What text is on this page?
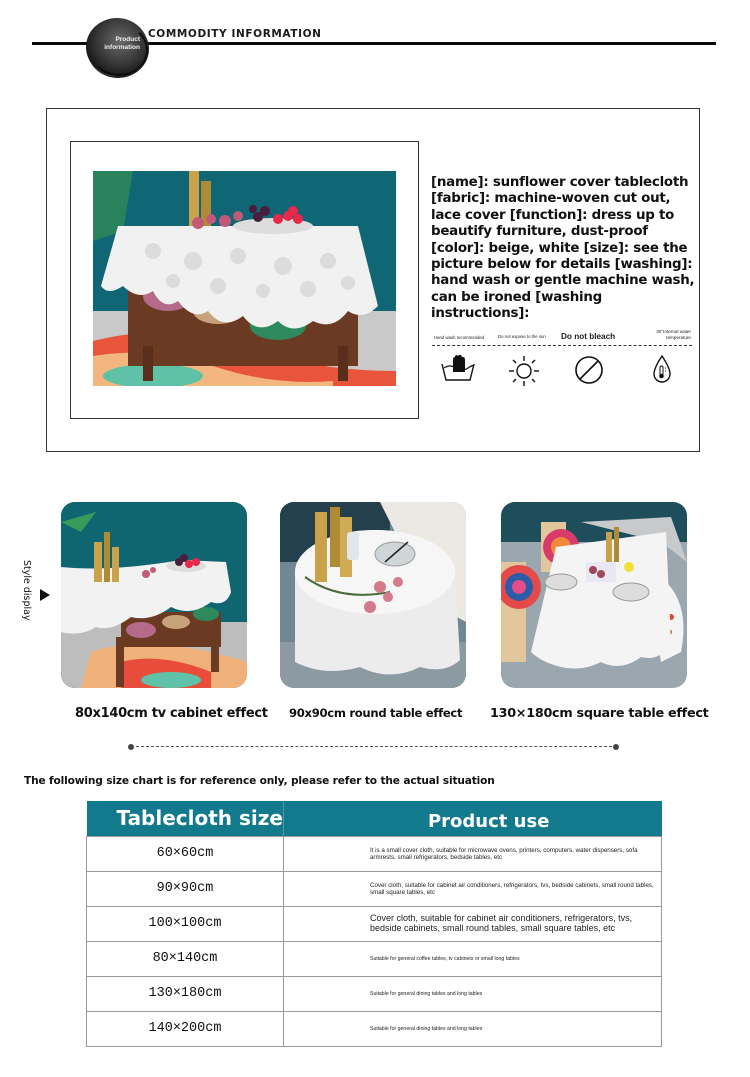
Product
information
COMMODITY INFORMATION
[name]: sunflower cover tablecloth [fabric]: machine-woven cut out, lace cover [function]: dress up to beautify furniture, dust-proof [color]: beige, white [size]: see the picture below for details [washing]: hand wash or gentle machine wash, can be ironed [washing instructions]:
Hand wash recommended	Do not expose to the sun Do not bleach
30°Internal water
temperature
Style display
80x140cm tv cabinet effect 90x90cm round table effect 130×180cm square table effect
The following size chart is for reference only, please refer to the actual situation
Tablecloth size	Product use
60×60cm	It is a small cover cloth, suitable for microwave ovens, printers, computers, water dispensers, sofa armrests, small refrigerators, bedside tables, etc
90×90cm	Cover cloth, suitable for cabinet air conditioners, refrigerators, tvs, bedside cabinets, small round tables, small square tables, etc
100×100cm	Cover cloth, suitable for cabinet air conditioners, refrigerators, tvs, bedside cabinets, small round tables, small square tables, etc
80×140cm	Suitable for general coffee tables, tv cabinets or small long tables
130×180cm	Suitable for general dining tables and long tables
140×200cm	Suitable for general dining tables and long tables
